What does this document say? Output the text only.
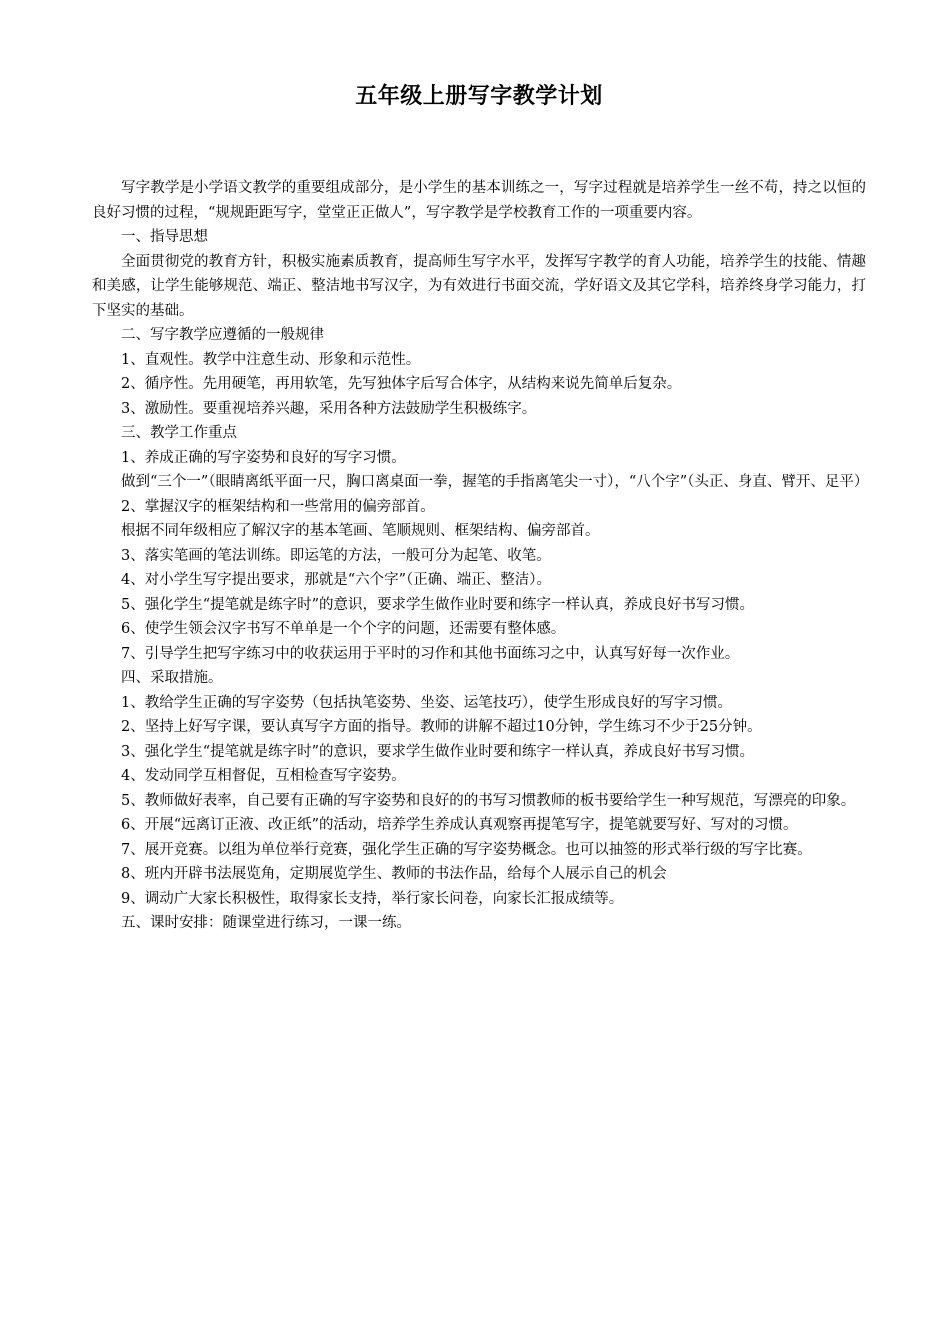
五年级上册写字教学计划

写字教学是小学语文教学的重要组成部分，是小学生的基本训练之一，写字过程就是培养学生一丝不苟，持之以恒的良好习惯的过程，“规规距距写字，堂堂正正做人”，写字教学是学校教育工作的一项重要内容。

一、指导思想

全面贯彻党的教育方针，积极实施素质教育，提高师生写字水平，发挥写字教学的育人功能，培养学生的技能、情趣和美感，让学生能够规范、端正、整洁地书写汉字，为有效进行书面交流，学好语文及其它学科，培养终身学习能力，打下坚实的基础。

二、写字教学应遵循的一般规律

1、直观性。教学中注意生动、形象和示范性。

2、循序性。先用硬笔，再用软笔，先写独体字后写合体字，从结构来说先简单后复杂。

3、激励性。要重视培养兴趣，采用各种方法鼓励学生积极练字。

三、教学工作重点

1、养成正确的写字姿势和良好的写字习惯。

做到“三个一”（眼睛离纸平面一尺，胸口离桌面一拳，握笔的手指离笔尖一寸），“八个字”（头正、身直、臂开、足平）

2、掌握汉字的框架结构和一些常用的偏旁部首。

根据不同年级相应了解汉字的基本笔画、笔顺规则、框架结构、偏旁部首。

3、落实笔画的笔法训练。即运笔的方法，一般可分为起笔、收笔。

4、对小学生写字提出要求，那就是“六个字”（正确、端正、整洁）。

5、强化学生“提笔就是练字时”的意识，要求学生做作业时要和练字一样认真，养成良好书写习惯。

6、使学生领会汉字书写不单单是一个个字的问题，还需要有整体感。

7、引导学生把写字练习中的收获运用于平时的习作和其他书面练习之中，认真写好每一次作业。

四、采取措施。

1、教给学生正确的写字姿势（包括执笔姿势、坐姿、运笔技巧），使学生形成良好的写字习惯。

2、坚持上好写字课，要认真写字方面的指导。教师的讲解不超过10分钟，学生练习不少于25分钟。

3、强化学生“提笔就是练字时”的意识，要求学生做作业时要和练字一样认真，养成良好书写习惯。

4、发动同学互相督促，互相检查写字姿势。

5、教师做好表率，自己要有正确的写字姿势和良好的的书写习惯教师的板书要给学生一种写规范，写漂亮的印象。

6、开展“远离订正液、改正纸”的活动，培养学生养成认真观察再提笔写字，提笔就要写好、写对的习惯。

7、展开竞赛。以组为单位举行竞赛，强化学生正确的写字姿势概念。也可以抽签的形式举行级的写字比赛。

8、班内开辟书法展览角，定期展览学生、教师的书法作品，给每个人展示自己的机会

9、调动广大家长积极性，取得家长支持，举行家长问卷，向家长汇报成绩等。

五、课时安排：随课堂进行练习，一课一练。
